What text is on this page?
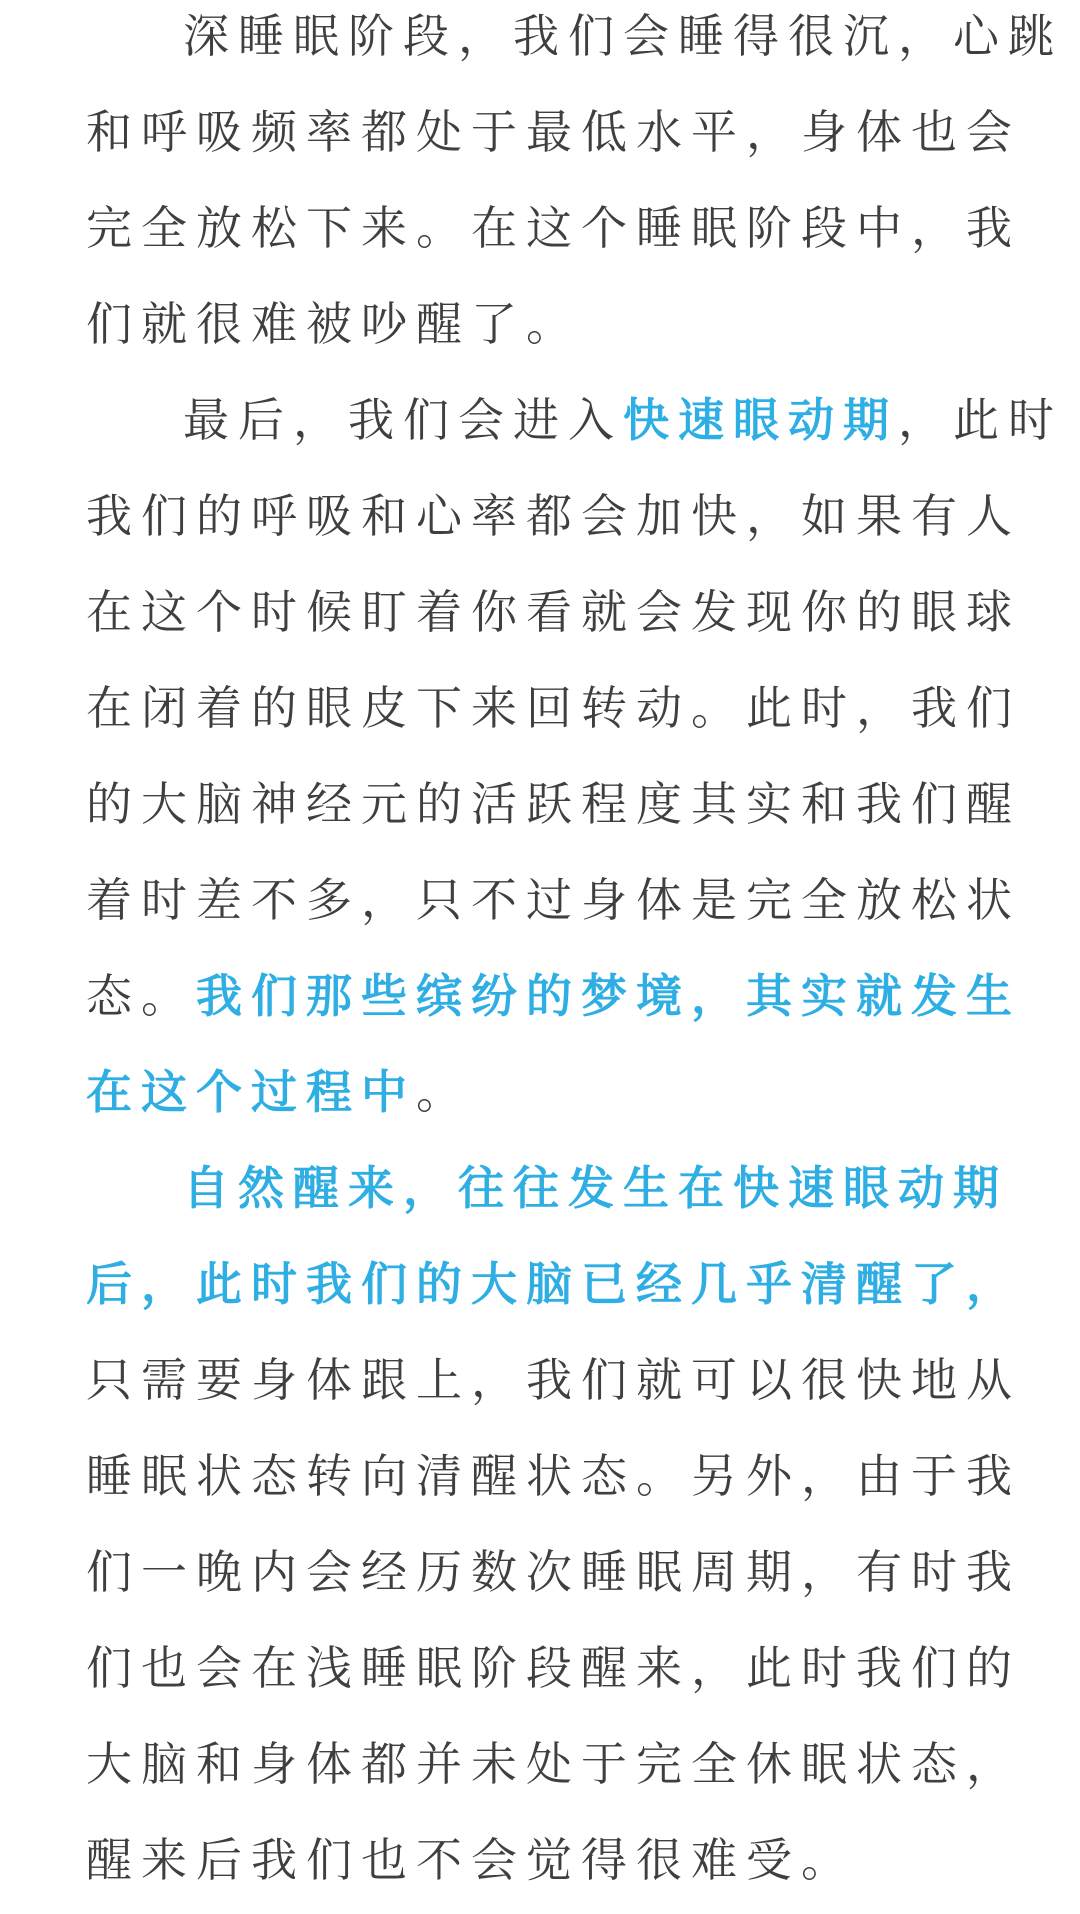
深睡眠阶段，我们会睡得很沉，心跳
和呼吸频率都处于最低水平，身体也会
完全放松下来。在这个睡眠阶段中，我
们就很难被吵醒了。
最后，我们会进入快速眼动期，此时
我们的呼吸和心率都会加快，如果有人
在这个时候盯着你看就会发现你的眼球
在闭着的眼皮下来回转动。此时，我们
的大脑神经元的活跃程度其实和我们醒
着时差不多，只不过身体是完全放松状
态。我们那些缤纷的梦境，其实就发生
在这个过程中。
自然醒来，往往发生在快速眼动期
后，此时我们的大脑已经几乎清醒了，
只需要身体跟上，我们就可以很快地从
睡眠状态转向清醒状态。另外，由于我
们一晚内会经历数次睡眠周期，有时我
们也会在浅睡眠阶段醒来，此时我们的
大脑和身体都并未处于完全休眠状态，
醒来后我们也不会觉得很难受。
